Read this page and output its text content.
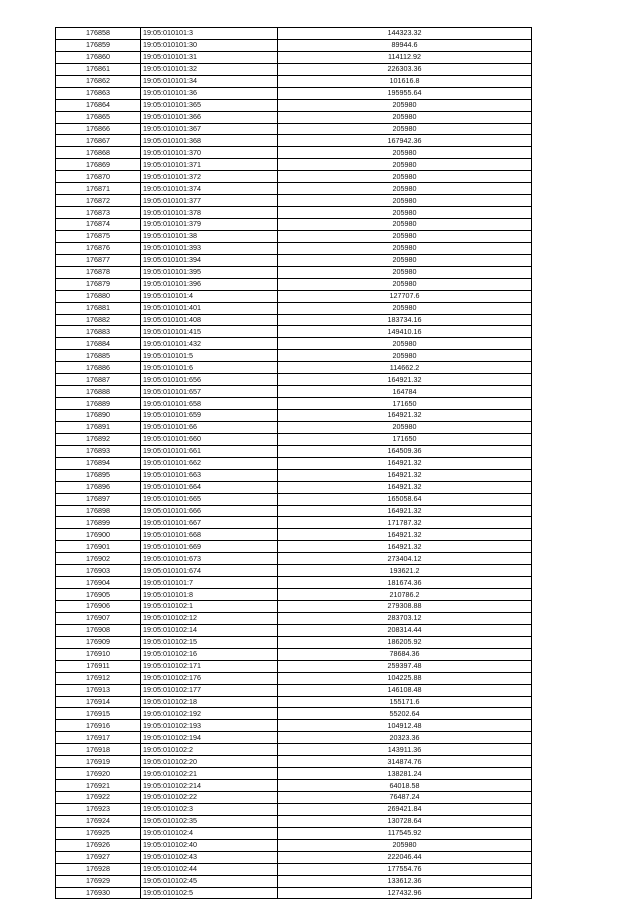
176858	19:05:010101:3	144323.32
176859	19:05:010101:30	89944.6
176860	19:05:010101:31	114112.92
176861	19:05:010101:32	226303.36
176862	19:05:010101:34	101616.8
176863	19:05:010101:36	195955.64
176864	19:05:010101:365	205980
176865	19:05:010101:366	205980
176866	19:05:010101:367	205980
176867	19:05:010101:368	167942.36
176868	19:05:010101:370	205980
176869	19:05:010101:371	205980
176870	19:05:010101:372	205980
176871	19:05:010101:374	205980
176872	19:05:010101:377	205980
176873	19:05:010101:378	205980
176874	19:05:010101:379	205980
176875	19:05:010101:38	205980
176876	19:05:010101:393	205980
176877	19:05:010101:394	205980
176878	19:05:010101:395	205980
176879	19:05:010101:396	205980
176880	19:05:010101:4	127707.6
176881	19:05:010101:401	205980
176882	19:05:010101:408	183734.16
176883	19:05:010101:415	149410.16
176884	19:05:010101:432	205980
176885	19:05:010101:5	205980
176886	19:05:010101:6	114662.2
176887	19:05:010101:656	164921.32
176888	19:05:010101:657	164784
176889	19:05:010101:658	171650
176890	19:05:010101:659	164921.32
176891	19:05:010101:66	205980
176892	19:05:010101:660	171650
176893	19:05:010101:661	164509.36
176894	19:05:010101:662	164921.32
176895	19:05:010101:663	164921.32
176896	19:05:010101:664	164921.32
176897	19:05:010101:665	165058.64
176898	19:05:010101:666	164921.32
176899	19:05:010101:667	171787.32
176900	19:05:010101:668	164921.32
176901	19:05:010101:669	164921.32
176902	19:05:010101:673	273404.12
176903	19:05:010101:674	193621.2
176904	19:05:010101:7	181674.36
176905	19:05:010101:8	210786.2
176906	19:05:010102:1	279308.88
176907	19:05:010102:12	283703.12
176908	19:05:010102:14	208314.44
176909	19:05:010102:15	186205.92
176910	19:05:010102:16	78684.36
176911	19:05:010102:171	259397.48
176912	19:05:010102:176	104225.88
176913	19:05:010102:177	146108.48
176914	19:05:010102:18	155171.6
176915	19:05:010102:192	55202.64
176916	19:05:010102:193	104912.48
176917	19:05:010102:194	20323.36
176918	19:05:010102:2	143911.36
176919	19:05:010102:20	314874.76
176920	19:05:010102:21	138281.24
176921	19:05:010102:214	64018.58
176922	19:05:010102:22	76487.24
176923	19:05:010102:3	269421.84
176924	19:05:010102:35	130728.64
176925	19:05:010102:4	117545.92
176926	19:05:010102:40	205980
176927	19:05:010102:43	222046.44
176928	19:05:010102:44	177554.76
176929	19:05:010102:45	133612.36
176930	19:05:010102:5	127432.96
